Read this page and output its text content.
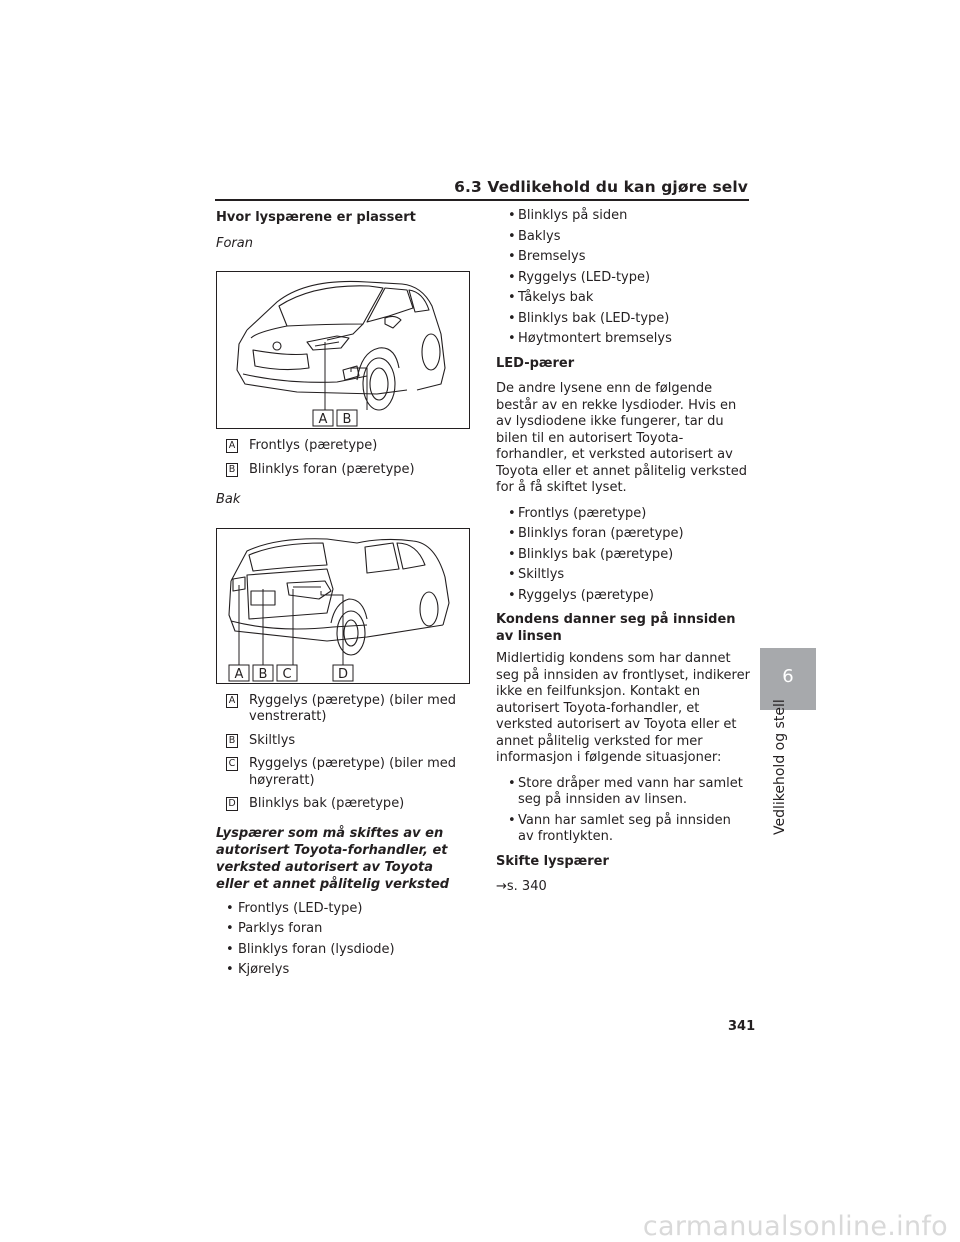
6.3 Vedlikehold du kan gjøre selv
Hvor lyspærene er plassert
Foran
A B
A Frontlys (pæretype)
B Blinklys foran (pæretype)
Bak
A B C	D
A Ryggelys (pæretype) (biler med venstreratt)
B Skiltlys
C Ryggelys (pæretype) (biler med høyreratt)
D Blinklys bak (pæretype)
Lyspærer som må skiftes av en autorisert Toyota-forhandler, et verksted autorisert av Toyota eller et annet pålitelig verksted
• Frontlys (LED-type)
• Parklys foran
• Blinklys foran (lysdiode)
• Kjørelys
• Blinklys på siden
• Baklys
• Bremselys
• Ryggelys (LED-type)
• Tåkelys bak
• Blinklys bak (LED-type)
• Høytmontert bremselys
LED-pærer
De andre lysene enn de følgende består av en rekke lysdioder. Hvis en av lysdiodene ikke fungerer, tar du bilen til en autorisert Toyota-forhandler, et verksted autorisert av Toyota eller et annet pålitelig verksted for å få skiftet lyset.
• Frontlys (pæretype)
• Blinklys foran (pæretype)
• Blinklys bak (pæretype)
• Skiltlys
• Ryggelys (pæretype)
Kondens danner seg på innsiden av linsen
Midlertidig kondens som har dannet seg på innsiden av frontlyset, indikerer ikke en feilfunksjon. Kontakt en autorisert Toyota-forhandler, et verksted autorisert av Toyota eller et annet pålitelig verksted for mer informasjon i følgende situasjoner:
• Store dråper med vann har samlet seg på innsiden av linsen.
• Vann har samlet seg på innsiden av frontlykten.
Skifte lyspærer
→s. 340
6
Vedlikehold og stell
341
carmanualsonline.info
